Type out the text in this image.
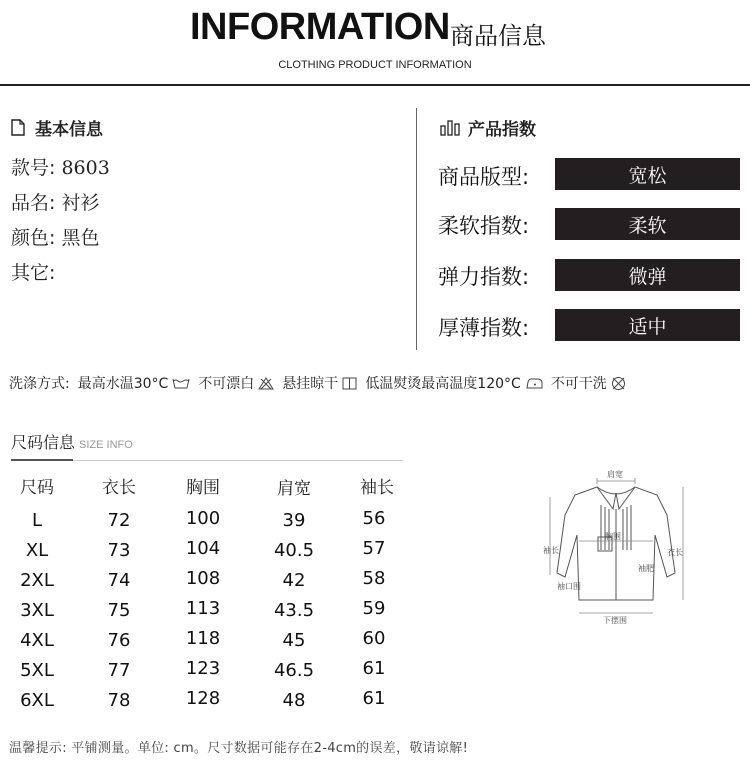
INFORMATION 商品信息
CLOTHING PRODUCT INFORMATION
基本信息
款号: 8603
品名: 衬衫
颜色: 黑色
其它:
产品指数
商品版型:	宽松
柔软指数:	柔软
弹力指数:	微弹
厚薄指数:	适中
洗涤方式: 最高水温30°C 不可漂白 悬挂晾干 低温熨烫最高温度120°C 不可干洗
尺码信息 SIZE INFO
尺码	衣长	胸围	肩宽	袖长
L	72	100	39	56
XL	73	104	40.5	57
2XL	74	108	42	58
3XL	75	113	43.5	59
4XL	76	118	45	60
5XL	77	123	46.5	61
6XL	78	128	48	61
肩宽
胸围
袖长	衣长
袖肥
袖口围
下摆围
温馨提示: 平铺测量。单位: cm。尺寸数据可能存在2-4cm的误差，敬请谅解!
